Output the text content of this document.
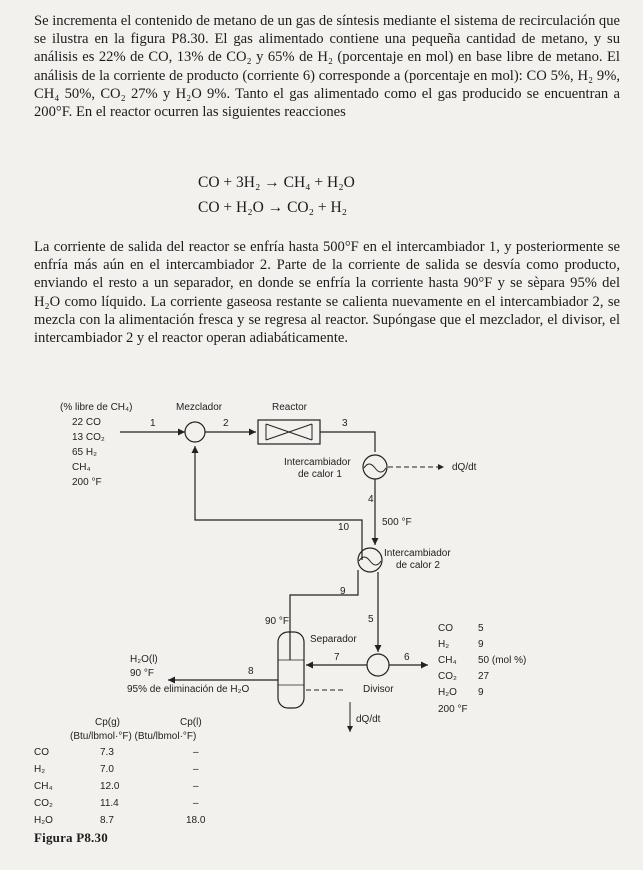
Se incrementa el contenido de metano de un gas de síntesis mediante el sistema de recirculación que se ilustra en la figura P8.30. El gas alimentado contiene una pequeña cantidad de metano, y su análisis es 22% de CO, 13% de CO₂ y 65% de H₂ (porcentaje en mol) en base libre de metano. El análisis de la corriente de producto (corriente 6) corresponde a (porcentaje en mol): CO 5%, H₂ 9%, CH₄ 50%, CO₂ 27% y H₂O 9%. Tanto el gas alimentado como el gas producido se encuentran a 200°F. En el reactor ocurren las siguientes reacciones
CO + 3H₂ → CH₄ + H₂O
CO + H₂O → CO₂ + H₂
La corriente de salida del reactor se enfría hasta 500°F en el intercambiador 1, y posteriormente se enfría más aún en el intercambiador 2. Parte de la corriente de salida se desvía como producto, enviando el resto a un separador, en donde se enfría la corriente hasta 90°F y se sèpara 95% del H₂O como líquido. La corriente gaseosa restante se calienta nuevamente en el intercambiador 2, se mezcla con la alimentación fresca y se regresa al reactor. Supóngase que el mezclador, el divisor, el intercambiador 2 y el reactor operan adiabáticamente.
(% libre de CH₄)
22 CO
13 CO₂
65 H₂
CH₄
200 °F
Mezclador
1	2
Reactor
3
Intercambiador
de calor 1
dQ/dt
4
10	500 °F
Intercambiador
de calor 2
9
90 °F	5
Divisor
6
7
Separador
8
dQ/dt
H₂O(l)
90 °F
95% de eliminación de H₂O
CO	5
H₂	9
CH₄ 50 (mol %)
CO₂ 27
H₂O 9
200 °F
Cp(g)	Cp(l)
(Btu/lbmol·°F) (Btu/lbmol·°F)
CO	7.3	–
H₂	7.0	–
CH₄	12.0	–
CO₂	11.4	–
H₂O	8.7	18.0
Figura P8.30
